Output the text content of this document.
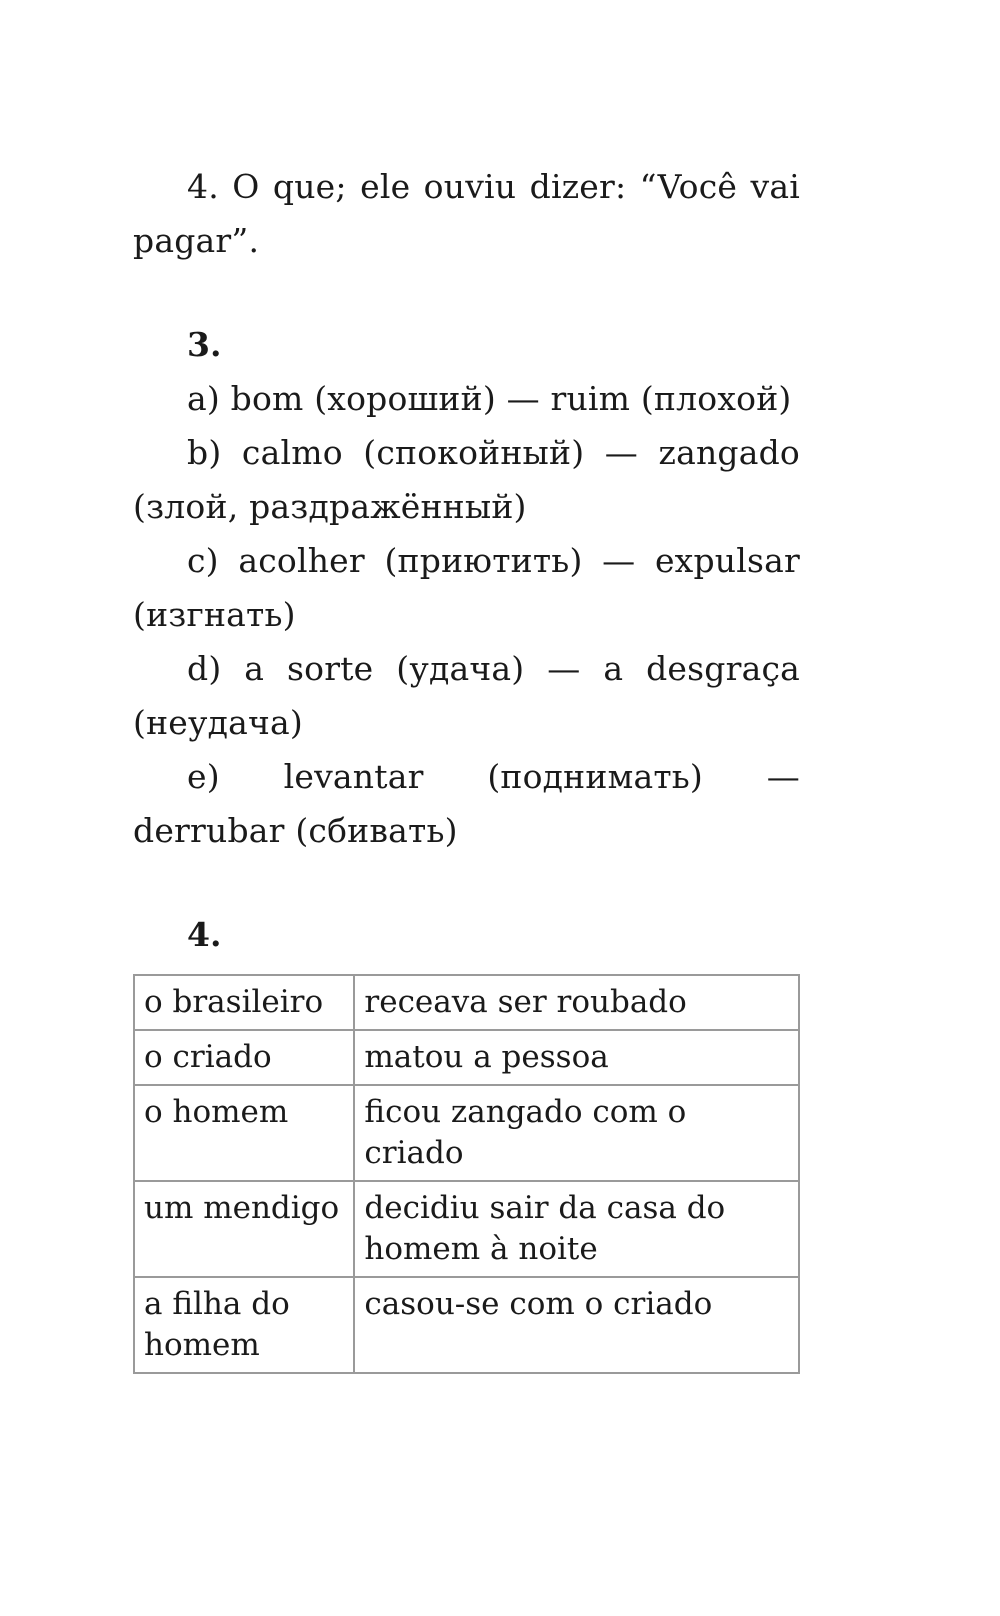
4. O que; ele ouviu dizer: “Você vai pagar”.

3.

a) bom (хороший) — ruim (плохой)

b) calmo (спокойный) — zangado (злой, раздражённый)

c) acolher (приютить) — expulsar (изгнать)

d) a sorte (удача) — a desgraça (неудача)

e) levantar (поднимать) — derrubar (сбивать)

4.

o brasileiro	receava ser roubado
o criado	matou a pessoa
o homem	ficou zangado com o criado
um mendigo	decidiu sair da casa do homem à noite
a filha do homem	casou-se com o criado
